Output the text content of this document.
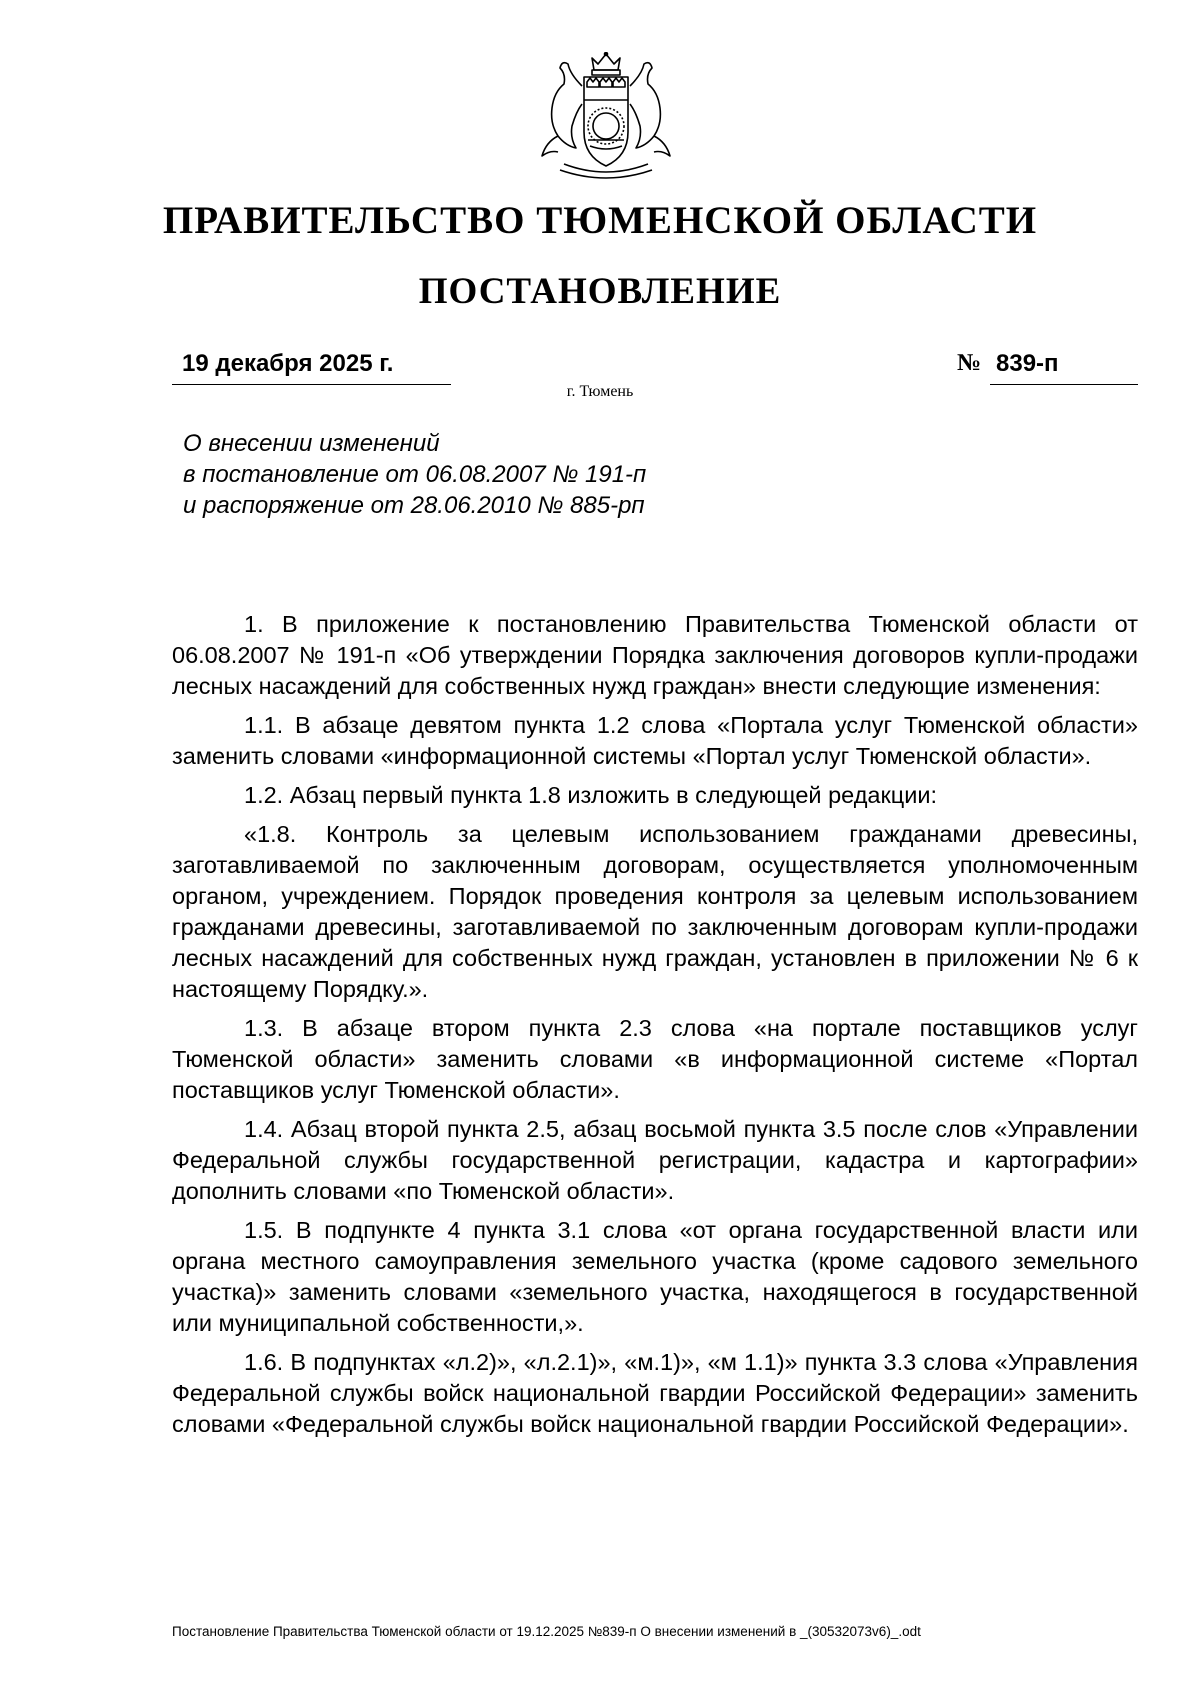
ПРАВИТЕЛЬСТВО ТЮМЕНСКОЙ ОБЛАСТИ
ПОСТАНОВЛЕНИЕ
19 декабря 2025 г.	№ 839-п
г. Тюмень
О внесении изменений
в постановление от 06.08.2007 № 191-п
и распоряжение от 28.06.2010 № 885-рп

1. В приложение к постановлению Правительства Тюменской области от 06.08.2007 № 191-п «Об утверждении Порядка заключения договоров купли-продажи лесных насаждений для собственных нужд граждан» внести следующие изменения:

1.1. В абзаце девятом пункта 1.2 слова «Портала услуг Тюменской области» заменить словами «информационной системы «Портал услуг Тюменской области».

1.2. Абзац первый пункта 1.8 изложить в следующей редакции:

«1.8. Контроль за целевым использованием гражданами древесины, заготавливаемой по заключенным договорам, осуществляется уполномоченным органом, учреждением. Порядок проведения контроля за целевым использованием гражданами древесины, заготавливаемой по заключенным договорам купли-продажи лесных насаждений для собственных нужд граждан, установлен в приложении № 6 к настоящему Порядку.».

1.3. В абзаце втором пункта 2.3 слова «на портале поставщиков услуг Тюменской области» заменить словами «в информационной системе «Портал поставщиков услуг Тюменской области».

1.4. Абзац второй пункта 2.5, абзац восьмой пункта 3.5 после слов «Управлении Федеральной службы государственной регистрации, кадастра и картографии» дополнить словами «по Тюменской области».

1.5. В подпункте 4 пункта 3.1 слова «от органа государственной власти или органа местного самоуправления земельного участка (кроме садового земельного участка)» заменить словами «земельного участка, находящегося в государственной или муниципальной собственности,».

1.6. В подпунктах «л.2)», «л.2.1)», «м.1)», «м 1.1)» пункта 3.3 слова «Управления Федеральной службы войск национальной гвардии Российской Федерации» заменить словами «Федеральной службы войск национальной гвардии Российской Федерации».

Постановление Правительства Тюменской области от 19.12.2025 №839-п О внесении изменений в _(30532073v6)_.odt
